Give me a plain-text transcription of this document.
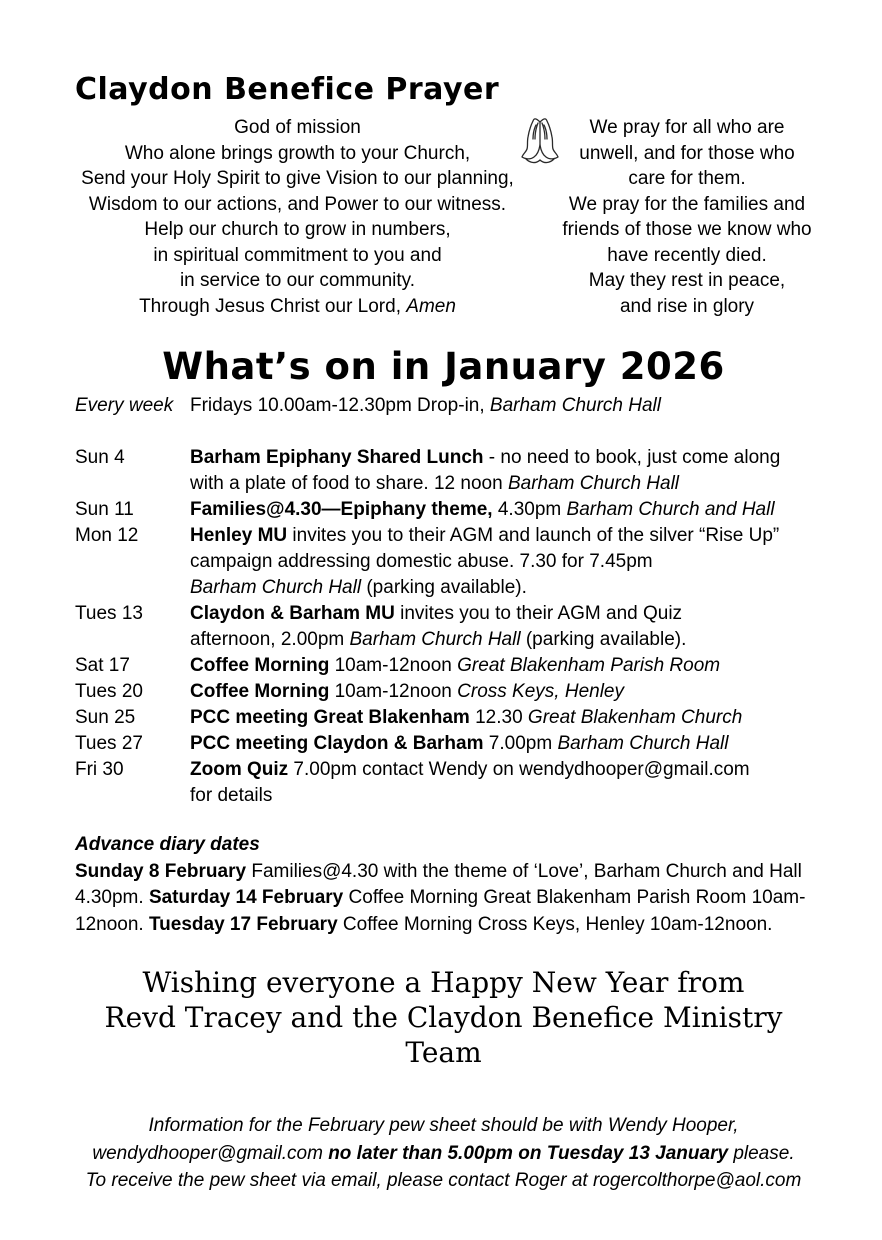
Claydon Benefice Prayer
God of mission
Who alone brings growth to your Church,
Send your Holy Spirit to give Vision to our planning,
Wisdom to our actions, and Power to our witness.
Help our church to grow in numbers,
in spiritual commitment to you and
in service to our community.
Through Jesus Christ our Lord, Amen
We pray for all who are
unwell, and for those who
care for them.
We pray for the families and
friends of those we know who
have recently died.
May they rest in peace,
and rise in glory
What’s on in January 2026
Every week Fridays 10.00am-12.30pm Drop-in, Barham Church Hall
Sun 4	Barham Epiphany Shared Lunch - no need to book, just come along
with a plate of food to share. 12 noon Barham Church Hall
Sun 11	Families@4.30—Epiphany theme, 4.30pm Barham Church and Hall
Mon 12	Henley MU invites you to their AGM and launch of the silver “Rise Up”
campaign addressing domestic abuse. 7.30 for 7.45pm
Barham Church Hall (parking available).
Tues 13	Claydon & Barham MU invites you to their AGM and Quiz
afternoon, 2.00pm Barham Church Hall (parking available).
Sat 17	Coffee Morning 10am-12noon Great Blakenham Parish Room
Tues 20	Coffee Morning 10am-12noon Cross Keys, Henley
Sun 25	PCC meeting Great Blakenham 12.30 Great Blakenham Church
Tues 27	PCC meeting Claydon & Barham 7.00pm Barham Church Hall
Fri 30	Zoom Quiz 7.00pm contact Wendy on wendydhooper@gmail.com
for details
Advance diary dates
Sunday 8 February Families@4.30 with the theme of ‘Love’, Barham Church and Hall 4.30pm. Saturday 14 February Coffee Morning Great Blakenham Parish Room 10am-12noon. Tuesday 17 February Coffee Morning Cross Keys, Henley 10am-12noon.
Wishing everyone a Happy New Year from
Revd Tracey and the Claydon Benefice Ministry Team
Information for the February pew sheet should be with Wendy Hooper,
wendydhooper@gmail.com no later than 5.00pm on Tuesday 13 January please.
To receive the pew sheet via email, please contact Roger at rogercolthorpe@aol.com
